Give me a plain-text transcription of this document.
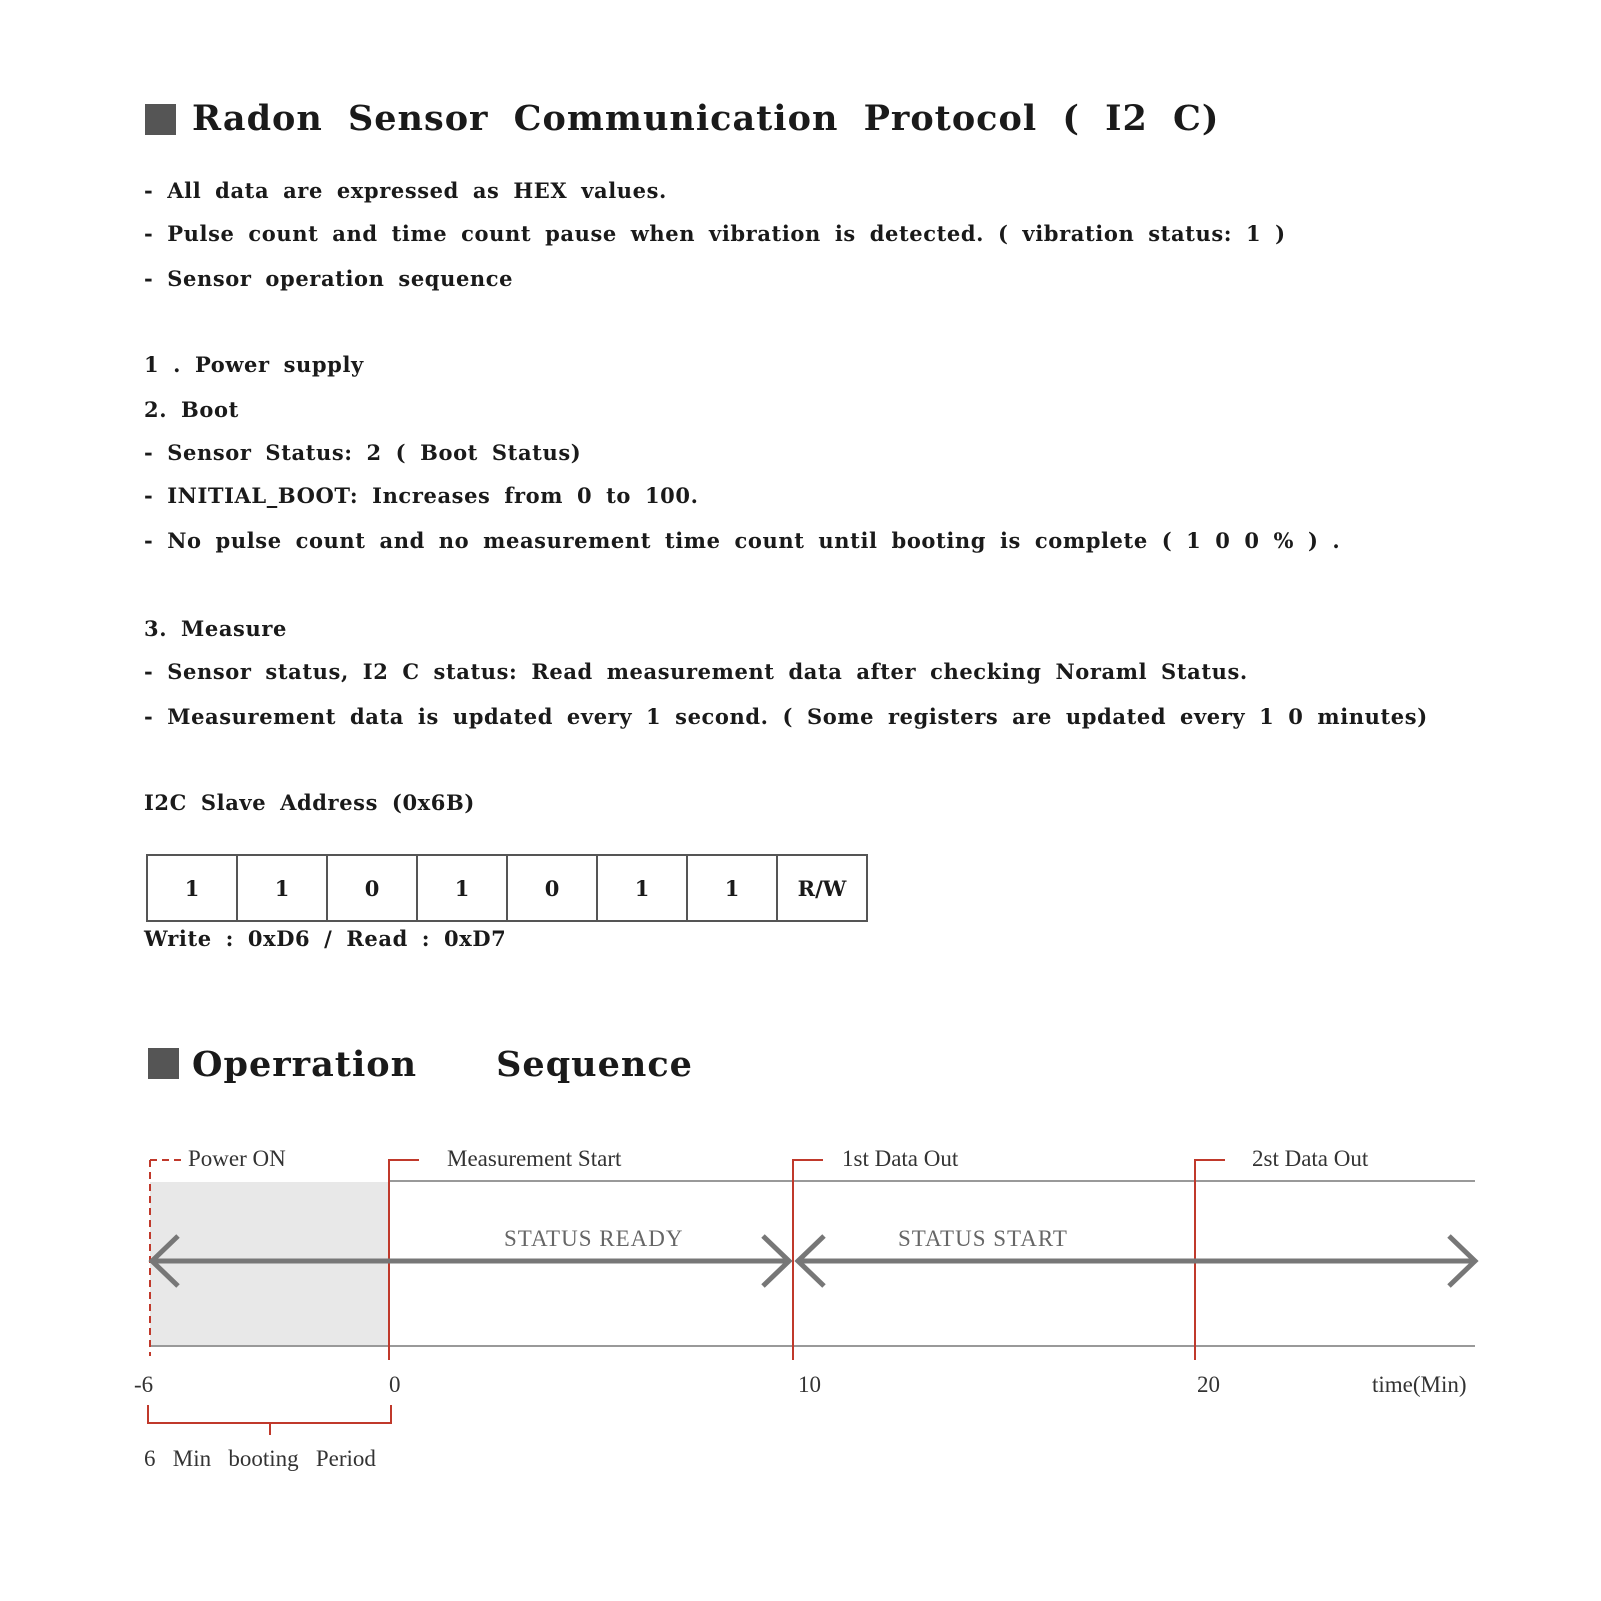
Radon Sensor Communication Protocol ( I2 C)
- All data are expressed as HEX values.
- Pulse count and time count pause when vibration is detected. ( vibration status: 1 )
- Sensor operation sequence
1 . Power supply
2. Boot
- Sensor Status: 2 ( Boot Status)
- INITIAL_BOOT: Increases from 0 to 100.
- No pulse count and no measurement time count until booting is complete ( 1 0 0 % ) .
3. Measure
- Sensor status, I2 C status: Read measurement data after checking Noraml Status.
- Measurement data is updated every 1 second. ( Some registers are updated every 1 0 minutes)
I2C Slave Address (0x6B)
1	1	0	1	0	1	1	R/W
Write : 0xD6 / Read : 0xD7
Operration      Sequence
Power ON	Measurement Start	1st Data Out	2st Data Out
STATUS READY	STATUS START
-6	0	10	20	time(Min)
6   Min   booting   Period
